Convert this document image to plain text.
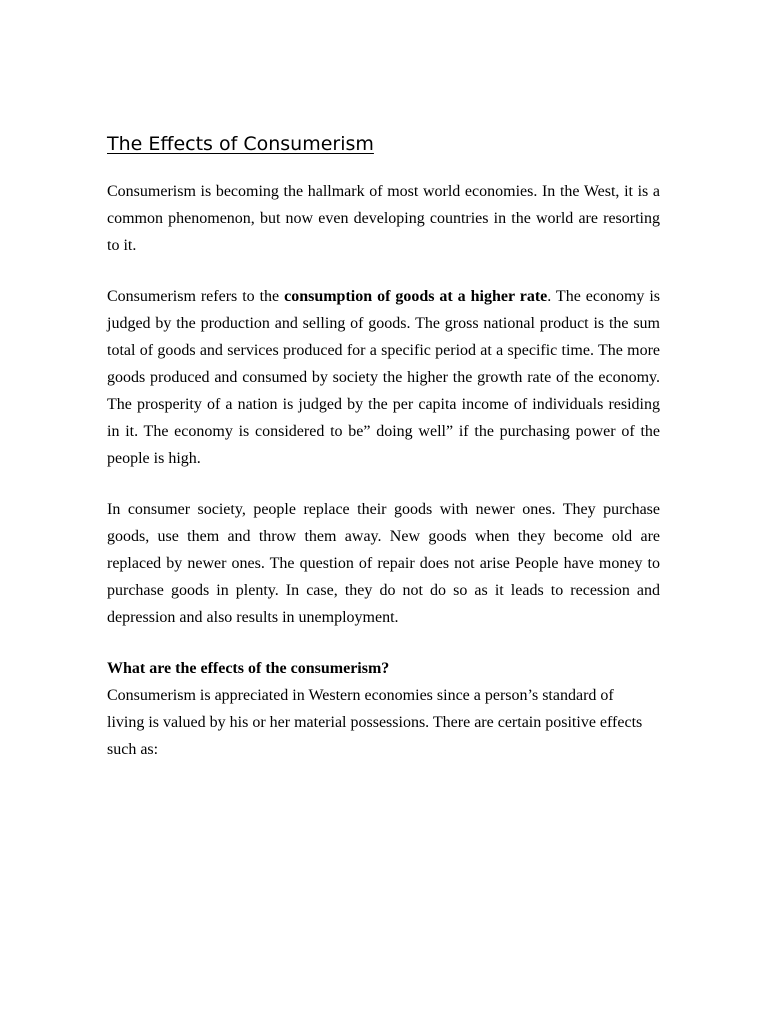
The Effects of Consumerism

Consumerism is becoming the hallmark of most world economies. In the West, it is a common phenomenon, but now even developing countries in the world are resorting to it.

Consumerism refers to the consumption of goods at a higher rate. The economy is judged by the production and selling of goods. The gross national product is the sum total of goods and services produced for a specific period at a specific time. The more goods produced and consumed by society the higher the growth rate of the economy. The prosperity of a nation is judged by the per capita income of individuals residing in it. The economy is considered to be” doing well” if the purchasing power of the people is high.

In consumer society, people replace their goods with newer ones. They purchase goods, use them and throw them away. New goods when they become old are replaced by newer ones. The question of repair does not arise People have money to purchase goods in plenty. In case, they do not do so as it leads to recession and depression and also results in unemployment.

What are the effects of the consumerism?

Consumerism is appreciated in Western economies since a person’s standard of living is valued by his or her material possessions. There are certain positive effects such as:
